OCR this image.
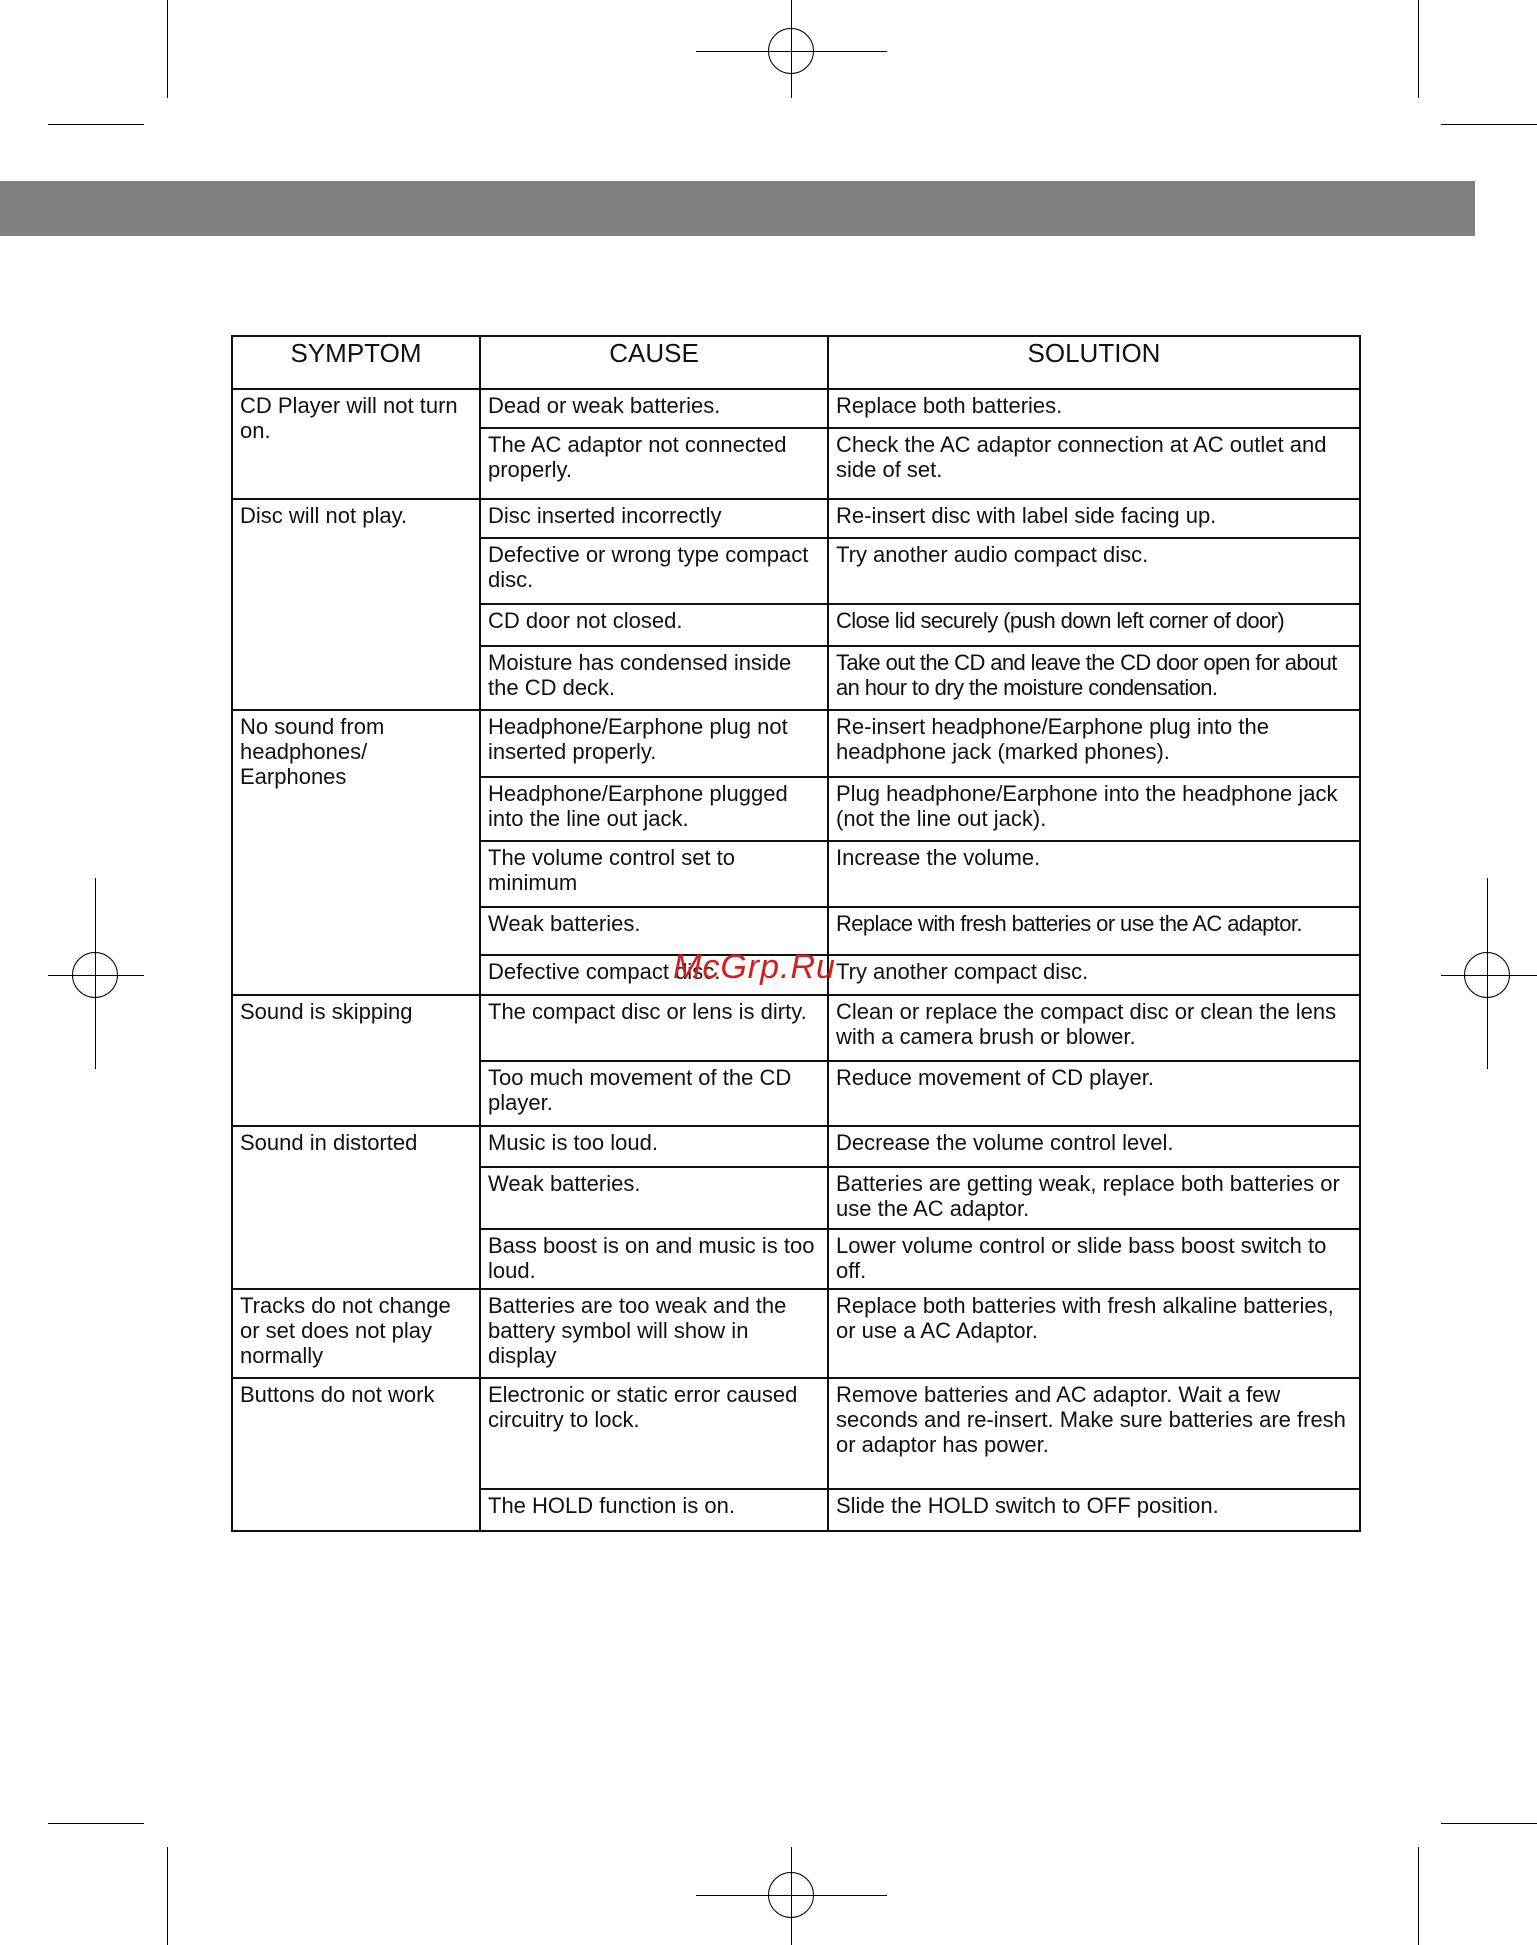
SYMPTOM	CAUSE	SOLUTION
CD Player will not turn on.	Dead or weak batteries.	Replace both batteries.
	The AC adaptor not connected properly.	Check the AC adaptor connection at AC outlet and side of set.
Disc will not play.	Disc inserted incorrectly	Re-insert disc with label side facing up.
	Defective or wrong type compact disc.	Try another audio compact disc.
	CD door not closed.	Close lid securely (push down left corner of door)
	Moisture has condensed inside the CD deck.	Take out the CD and leave the CD door open for about an hour to dry the moisture condensation.
No sound from headphones/ Earphones	Headphone/Earphone plug not inserted properly.	Re-insert headphone/Earphone plug into the headphone jack (marked phones).
	Headphone/Earphone plugged into the line out jack.	Plug headphone/Earphone into the headphone jack (not the line out jack).
	The volume control set to minimum	Increase the volume.
	Weak batteries.	Replace with fresh batteries or use the AC adaptor.
	Defective compact disc.	Try another compact disc.
Sound is skipping	The compact disc or lens is dirty.	Clean or replace the compact disc or clean the lens with a camera brush or blower.
	Too much movement of the CD player.	Reduce movement of CD player.
Sound in distorted	Music is too loud.	Decrease the volume control level.
	Weak batteries.	Batteries are getting weak, replace both batteries or use the AC adaptor.
	Bass boost is on and music is too loud.	Lower volume control or slide bass boost switch to off.
Tracks do not change or set does not play normally	Batteries are too weak and the battery symbol will show in display	Replace both batteries with fresh alkaline batteries, or use a AC Adaptor.
Buttons do not work	Electronic or static error caused circuitry to lock.	Remove batteries and AC adaptor. Wait a few seconds and re-insert. Make sure batteries are fresh or adaptor has power.
	The HOLD function is on.	Slide the HOLD switch to OFF position.
McGrp.Ru
